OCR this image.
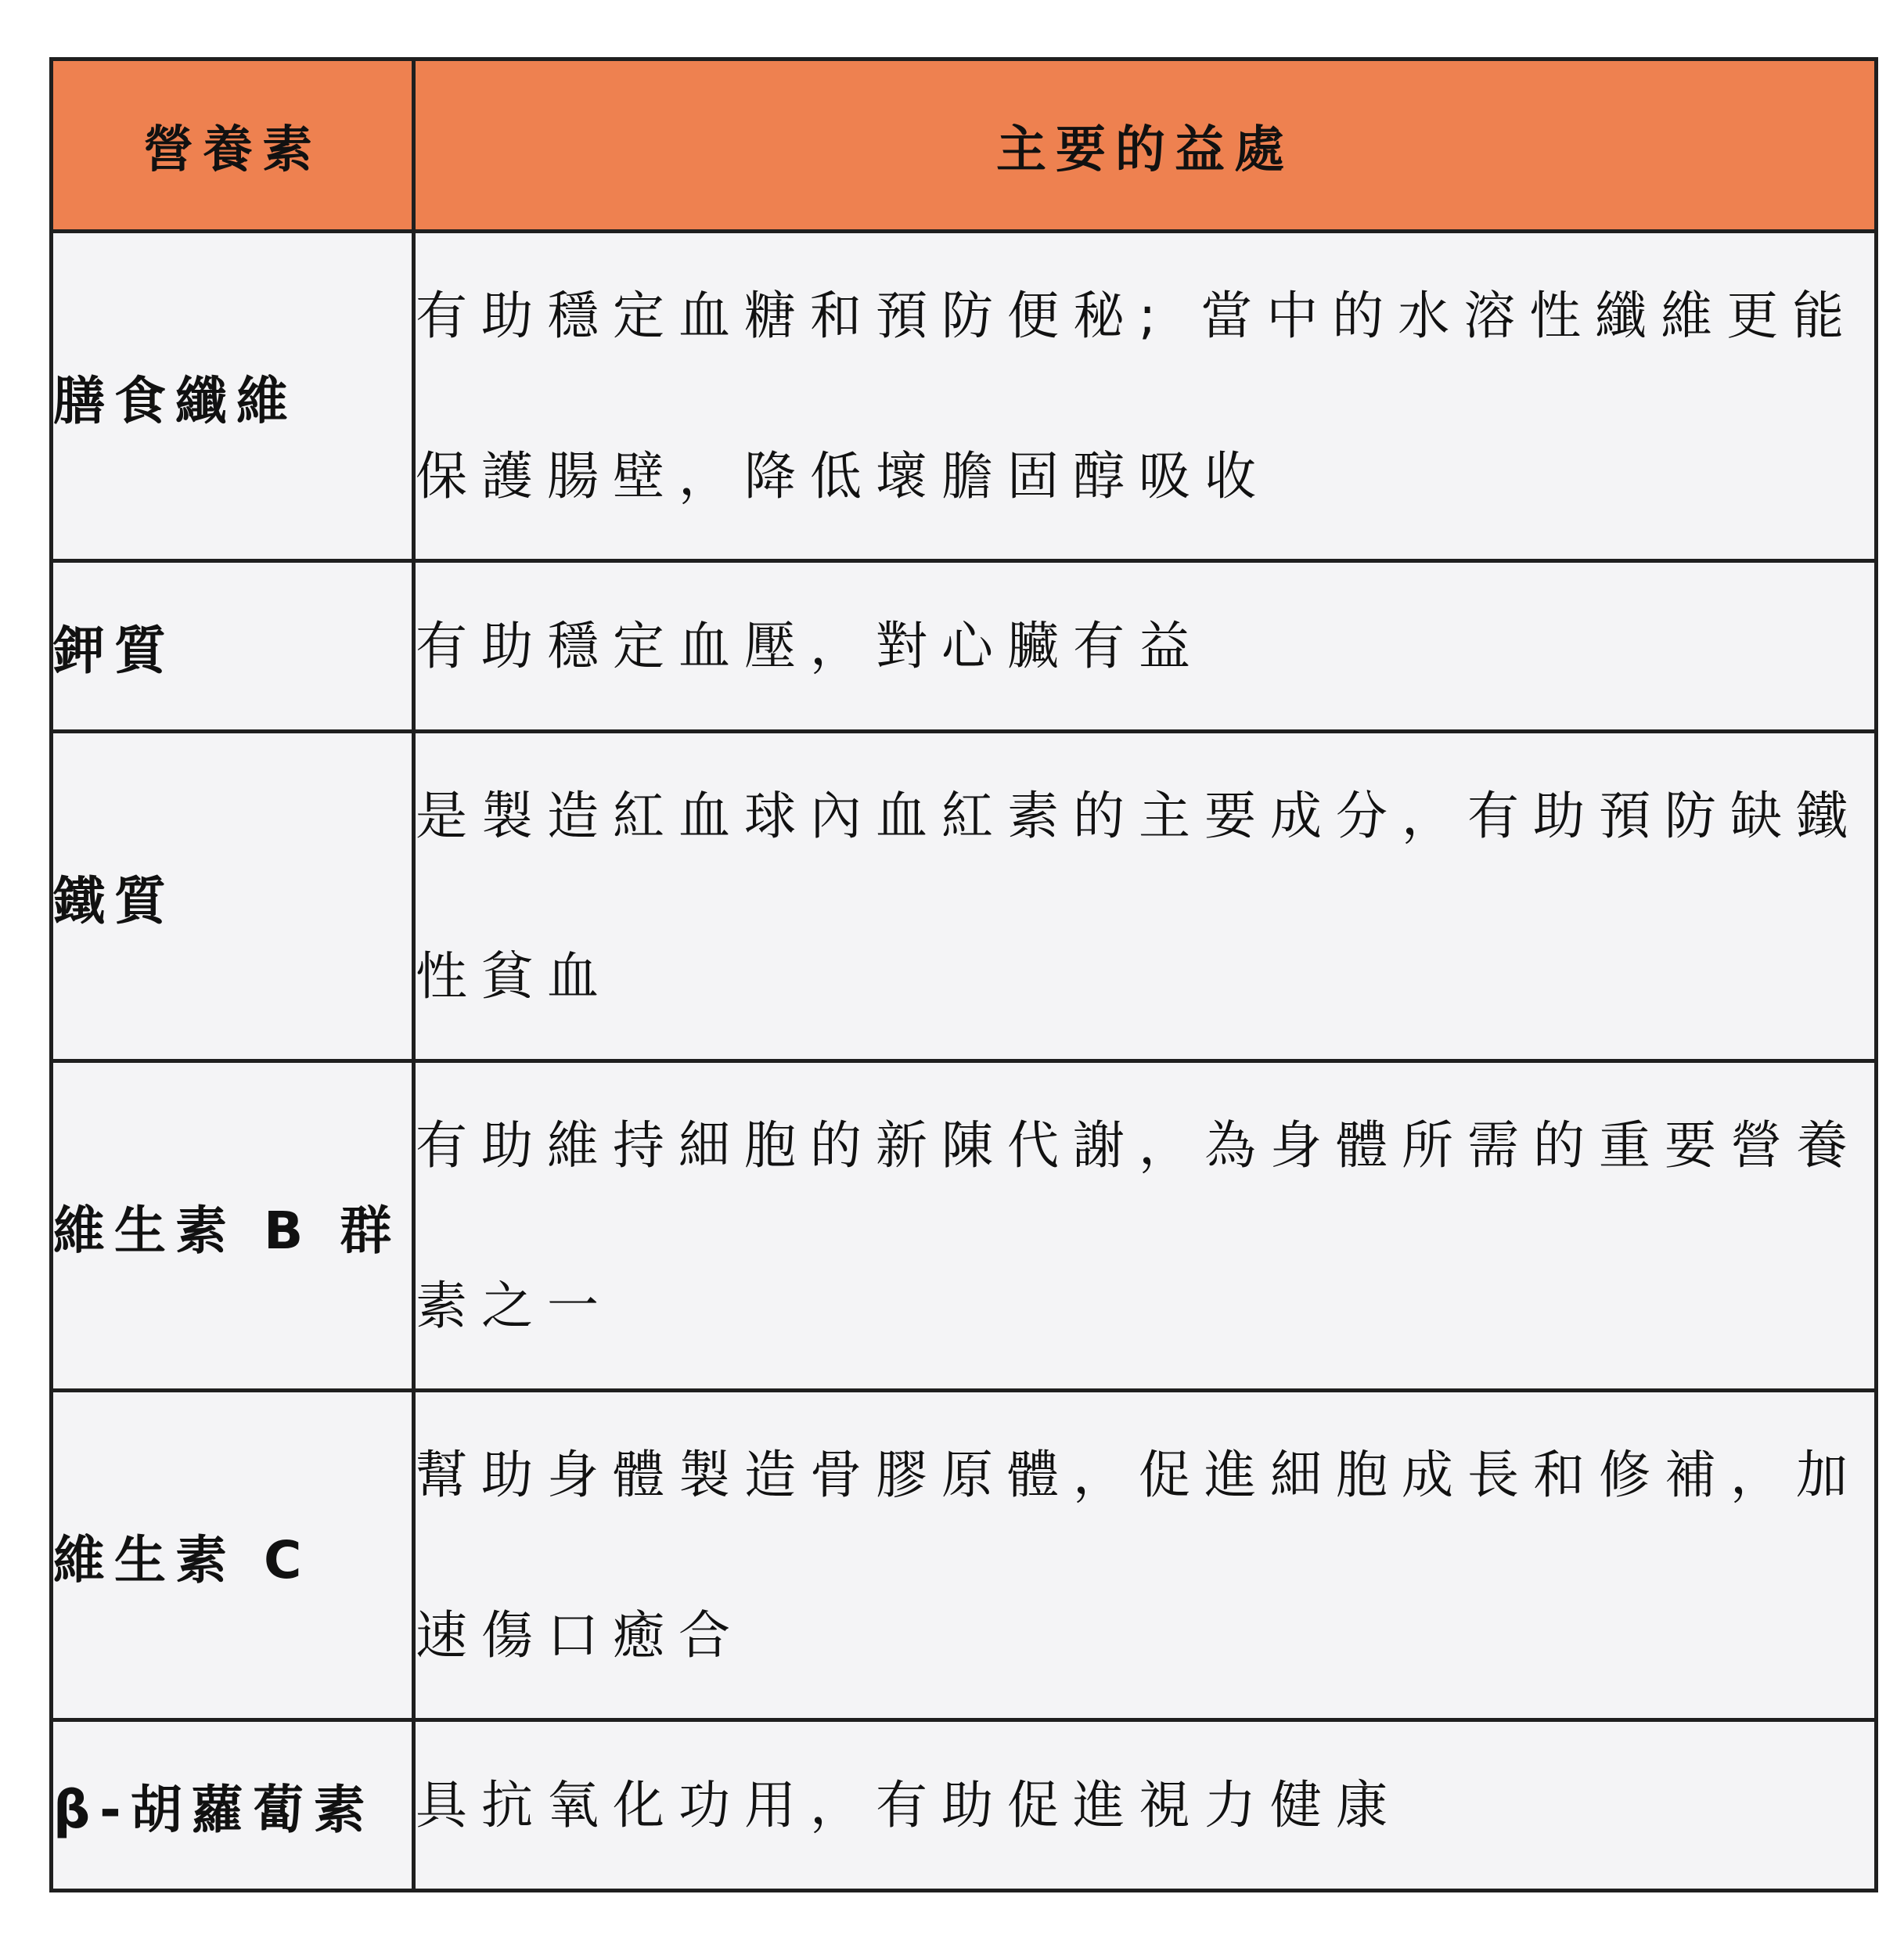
營養素	主要的益處
膳食纖維	有助穩定血糖和預防便秘; 當中的水溶性纖維更能保護腸壁，降低壞膽固醇吸收
鉀質	有助穩定血壓，對心臟有益
鐵質	是製造紅血球內血紅素的主要成分，有助預防缺鐵性貧血
維生素 B 群	有助維持細胞的新陳代謝，為身體所需的重要營養素之一
維生素 C	幫助身體製造骨膠原體，促進細胞成長和修補，加速傷口癒合
β-胡蘿蔔素	具抗氧化功用，有助促進視力健康
